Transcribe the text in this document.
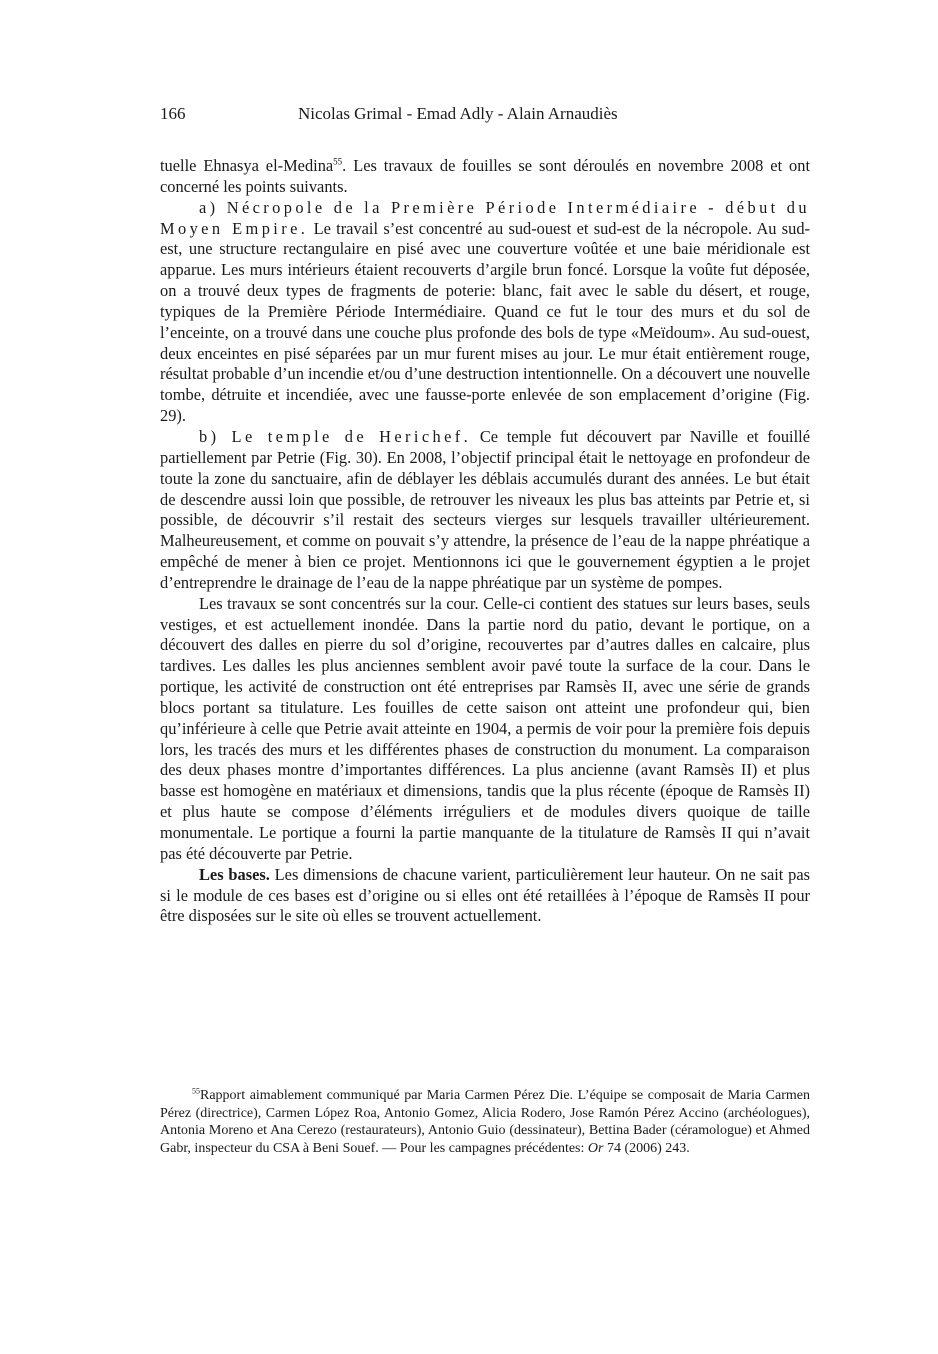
166	Nicolas Grimal - Emad Adly - Alain Arnaudiès

tuelle Ehnasya el-Medina$^{55}$. Les travaux de fouilles se sont déroulés en novembre 2008 et ont concerné les points suivants.

a) Nécropole de la Première Période Intermédiaire - début du Moyen Empire. Le travail s’est concentré au sud-ouest et sud-est de la nécropole. Au sud-est, une structure rectangulaire en pisé avec une couverture voûtée et une baie méridionale est apparue. Les murs intérieurs étaient recouverts d’argile brun foncé. Lorsque la voûte fut déposée, on a trouvé deux types de fragments de poterie: blanc, fait avec le sable du désert, et rouge, typiques de la Première Période Intermédiaire. Quand ce fut le tour des murs et du sol de l’enceinte, on a trouvé dans une couche plus profonde des bols de type «Meïdoum». Au sud-ouest, deux enceintes en pisé séparées par un mur furent mises au jour. Le mur était entièrement rouge, résultat probable d’un incendie et/ou d’une destruction intentionnelle. On a découvert une nouvelle tombe, détruite et incendiée, avec une fausse-porte enlevée de son emplacement d’origine (Fig. 29).

b) Le temple de Herichef. Ce temple fut découvert par Naville et fouillé partiellement par Petrie (Fig. 30). En 2008, l’objectif principal était le nettoyage en profondeur de toute la zone du sanctuaire, afin de déblayer les déblais accumulés durant des années. Le but était de descendre aussi loin que possible, de retrouver les niveaux les plus bas atteints par Petrie et, si possible, de découvrir s’il restait des secteurs vierges sur lesquels travailler ultérieurement. Malheureusement, et comme on pouvait s’y attendre, la présence de l’eau de la nappe phréatique a empêché de mener à bien ce projet. Mentionnons ici que le gouvernement égyptien a le projet d’entreprendre le drainage de l’eau de la nappe phréatique par un système de pompes.

Les travaux se sont concentrés sur la cour. Celle-ci contient des statues sur leurs bases, seuls vestiges, et est actuellement inondée. Dans la partie nord du patio, devant le portique, on a découvert des dalles en pierre du sol d’origine, recouvertes par d’autres dalles en calcaire, plus tardives. Les dalles les plus anciennes semblent avoir pavé toute la surface de la cour. Dans le portique, les activité de construction ont été entreprises par Ramsès II, avec une série de grands blocs portant sa titulature. Les fouilles de cette saison ont atteint une profondeur qui, bien qu’inférieure à celle que Petrie avait atteinte en 1904, a permis de voir pour la première fois depuis lors, les tracés des murs et les différentes phases de construction du monument. La comparaison des deux phases montre d’importantes différences. La plus ancienne (avant Ramsès II) et plus basse est homogène en matériaux et dimensions, tandis que la plus récente (époque de Ramsès II) et plus haute se compose d’éléments irréguliers et de modules divers quoique de taille monumentale. Le portique a fourni la partie manquante de la titulature de Ramsès II qui n’avait pas été découverte par Petrie.

Les bases. Les dimensions de chacune varient, particulièrement leur hauteur. On ne sait pas si le module de ces bases est d’origine ou si elles ont été retaillées à l’époque de Ramsès II pour être disposées sur le site où elles se trouvent actuellement.

$^{55}$Rapport aimablement communiqué par Maria Carmen Pérez Die. L’équipe se composait de Maria Carmen Pérez (directrice), Carmen López Roa, Antonio Gomez, Alicia Rodero, Jose Ramón Pérez Accino (archéologues), Antonia Moreno et Ana Cerezo (restaurateurs), Antonio Guio (dessinateur), Bettina Bader (céramologue) et Ahmed Gabr, inspecteur du CSA à Beni Souef. — Pour les campagnes précédentes: Or 74 (2006) 243.
